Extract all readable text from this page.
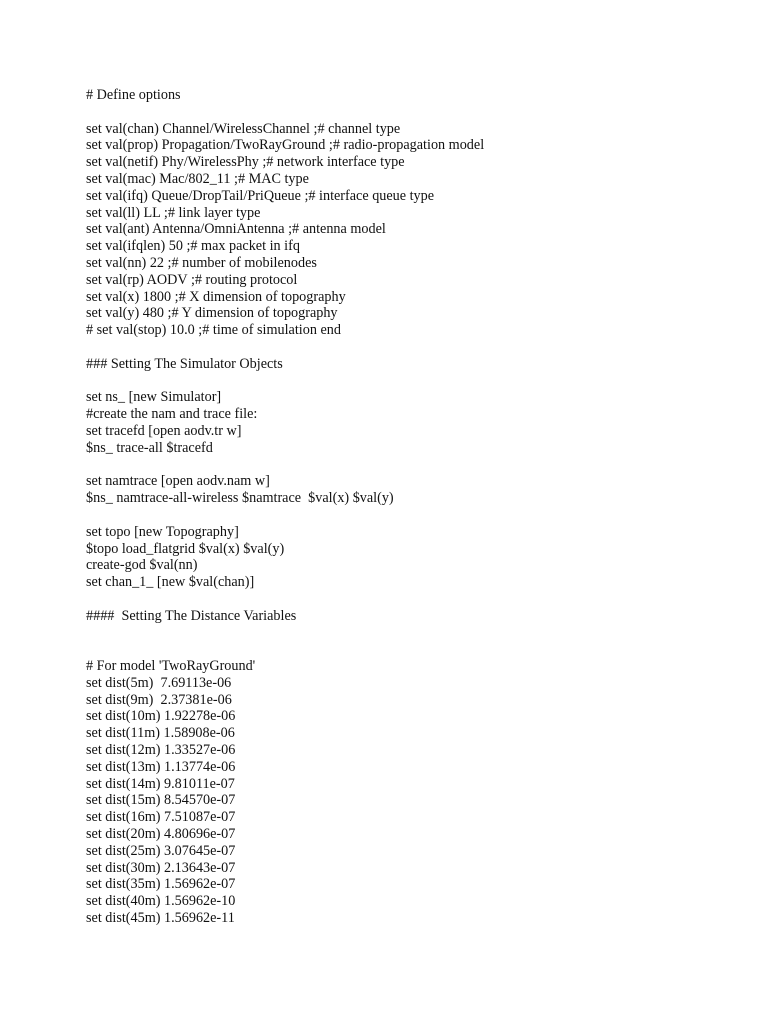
# Define options
set val(chan) Channel/WirelessChannel ;# channel type
set val(prop) Propagation/TwoRayGround ;# radio-propagation model
set val(netif) Phy/WirelessPhy ;# network interface type
set val(mac) Mac/802_11 ;# MAC type
set val(ifq) Queue/DropTail/PriQueue ;# interface queue type
set val(ll) LL ;# link layer type
set val(ant) Antenna/OmniAntenna ;# antenna model
set val(ifqlen) 50 ;# max packet in ifq
set val(nn) 22 ;# number of mobilenodes
set val(rp) AODV ;# routing protocol
set val(x) 1800 ;# X dimension of topography
set val(y) 480 ;# Y dimension of topography
# set val(stop) 10.0 ;# time of simulation end
### Setting The Simulator Objects
set ns_ [new Simulator]
#create the nam and trace file:
set tracefd [open aodv.tr w]
$ns_ trace-all $tracefd
set namtrace [open aodv.nam w]
$ns_ namtrace-all-wireless $namtrace  $val(x) $val(y)
set topo [new Topography]
$topo load_flatgrid $val(x) $val(y)
create-god $val(nn)
set chan_1_ [new $val(chan)]
####  Setting The Distance Variables
# For model 'TwoRayGround'
set dist(5m)  7.69113e-06
set dist(9m)  2.37381e-06
set dist(10m) 1.92278e-06
set dist(11m) 1.58908e-06
set dist(12m) 1.33527e-06
set dist(13m) 1.13774e-06
set dist(14m) 9.81011e-07
set dist(15m) 8.54570e-07
set dist(16m) 7.51087e-07
set dist(20m) 4.80696e-07
set dist(25m) 3.07645e-07
set dist(30m) 2.13643e-07
set dist(35m) 1.56962e-07
set dist(40m) 1.56962e-10
set dist(45m) 1.56962e-11
